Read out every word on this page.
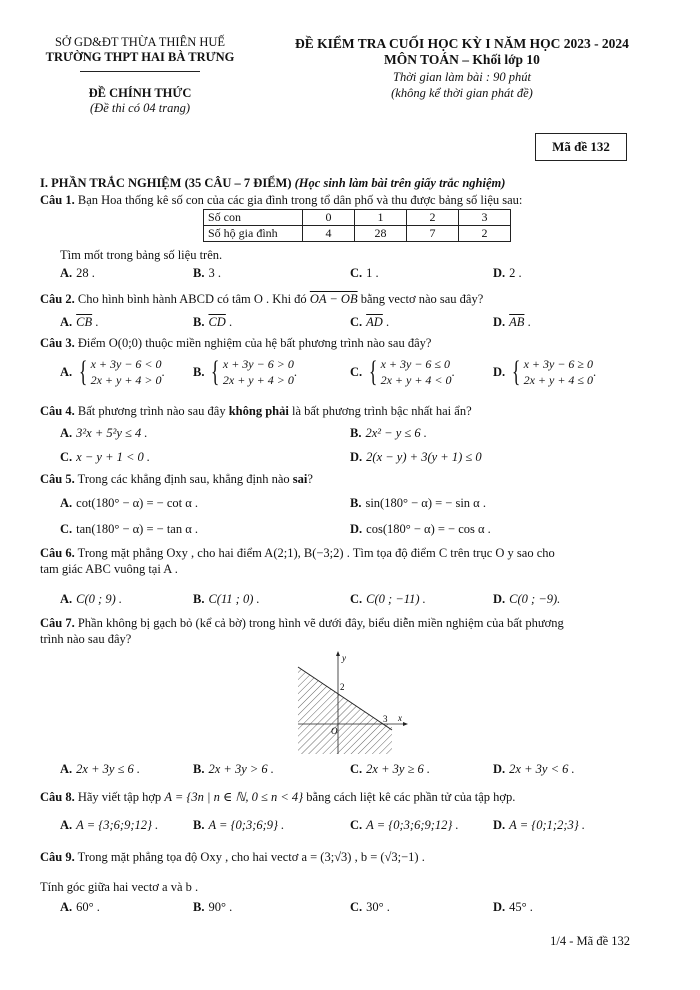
SỞ GD&ĐT THỪA THIÊN HUẾ
TRƯỜNG THPT HAI BÀ TRƯNG
ĐỀ CHÍNH THỨC
(Đề thi có 04 trang)
ĐỀ KIỂM TRA CUỐI HỌC KỲ I NĂM HỌC 2023 - 2024
MÔN TOÁN – Khối lớp 10
Thời gian làm bài : 90 phút
(không kể thời gian phát đề)
Mã đề 132
I. PHẦN TRẮC NGHIỆM (35 CÂU – 7 ĐIỂM) (Học sinh làm bài trên giấy trắc nghiệm)
Câu 1. Bạn Hoa thống kê số con của các gia đình trong tổ dân phố và thu được bảng số liệu sau:
Số con	0	1	2	3
Số hộ gia đình	4	28	7	2
Tìm mốt trong bảng số liệu trên.
A. 28 .	B. 3 .	C. 1 .	D. 2 .
Câu 2. Cho hình bình hành ABCD có tâm O . Khi đó OA − OB bằng vectơ nào sau đây?
A. $\overline{CB}$ .	B. $\overline{CD}$ .	C. $\overline{AD}$ .	D. $\overline{AB}$ .
Câu 3. Điểm O(0;0) thuộc miền nghiệm của hệ bất phương trình nào sau đây?
A. { x + 3y − 6 < 0
2x + y + 4 > 0
. B. { x + 3y − 6 > 0
2x + y + 4 > 0
.	C. { x + 3y − 6 ≤ 0
2x + y + 4 < 0
.	D. { x + 3y − 6 ≥ 0
2x + y + 4 ≤ 0
.
Câu 4. Bất phương trình nào sau đây không phải là bất phương trình bậc nhất hai ẩn?
A. 3²x + 5²y ≤ 4 .	B. 2x² − y ≤ 6 .
C. x − y + 1 < 0 .	D. 2(x − y) + 3(y + 1) ≤ 0
Câu 5. Trong các khẳng định sau, khẳng định nào sai?
A. cot(180° − α) = − cot α .	B. sin(180° − α) = − sin α .
C. tan(180° − α) = − tan α .	D. cos(180° − α) = − cos α .
Câu 6. Trong mặt phẳng Oxy , cho hai điểm A(2;1), B(−3;2) . Tìm tọa độ điểm C trên trục O y sao cho
tam giác ABC vuông tại A .
A. C(0 ; 9) .	B. C(11 ; 0) .	C. C(0 ; −11) .	D. C(0 ; −9).
Câu 7. Phần không bị gạch bỏ (kể cả bờ) trong hình vẽ dưới đây, biểu diễn miền nghiệm của bất phương
trình nào sau đây?
y
x
2
3
O
A. 2x + 3y ≤ 6 .	B. 2x + 3y > 6 .	C. 2x + 3y ≥ 6 .	D. 2x + 3y < 6 .
Câu 8. Hãy viết tập hợp A = {3n | n ∈ ℕ, 0 ≤ n < 4} bằng cách liệt kê các phần tử của tập hợp.
A. A = {3;6;9;12} .	B. A = {0;3;6;9} .	C. A = {0;3;6;9;12} .	D. A = {0;1;2;3} .
Câu 9. Trong mặt phẳng tọa độ Oxy , cho hai vectơ a = (3;√3) , b = (√3;−1) .
Tính góc giữa hai vectơ a và b .
A. 60° .	B. 90° .	C. 30° .	D. 45° .
1/4 - Mã đề 132
